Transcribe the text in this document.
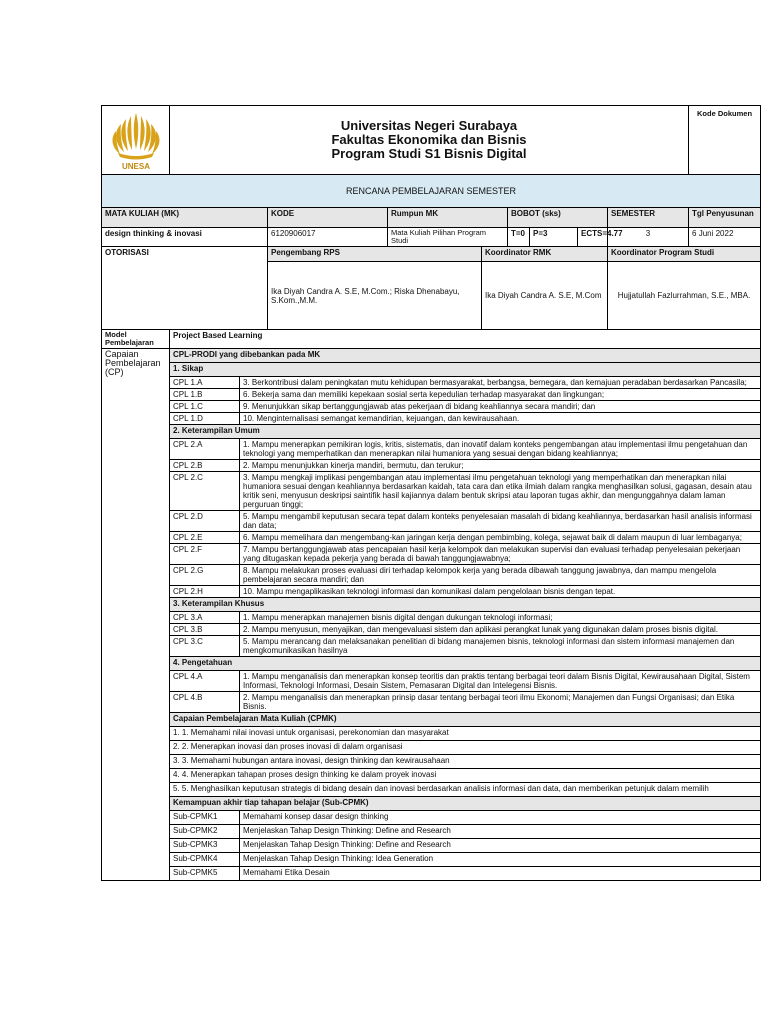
UNESA	Universitas Negeri Surabaya
Fakultas Ekonomika dan Bisnis
Program Studi S1 Bisnis Digital									Kode Dokumen
RENCANA PEMBELAJARAN SEMESTER										
MATA KULIAH (MK)			KODE	Rumpun MK		BOBOT (sks)			SEMESTER	Tgl Penyusunan
design thinking & inovasi			6120906017	Mata Kuliah Pilihan Program Studi		T=0	P=3	ECTS=4.77	3	6 Juni 2022
OTORISASI			Pengembang RPS		Koordinator RMK				Koordinator Program Studi	
			Ika Diyah Candra A. S.E, M.Com.; Riska Dhenabayu, S.Kom.,M.M.		Ika Diyah Candra A. S.E, M.Com				Hujjatullah Fazlurrahman, S.E., MBA.	
Model Pembelajaran	Project Based Learning									
Capaian Pembelajaran (CP)	CPL-PRODI yang dibebankan pada MK									
	1. Sikap									
	CPL 1.A	3. Berkontribusi dalam peningkatan mutu kehidupan bermasyarakat, berbangsa, bernegara, dan kemajuan peradaban berdasarkan Pancasila;								
	CPL 1.B	6. Bekerja sama dan memiliki kepekaan sosial serta kepedulian terhadap masyarakat dan lingkungan;								
	CPL 1.C	9. Menunjukkan sikap bertanggungjawab atas pekerjaan di bidang keahliannya secara mandiri; dan								
	CPL 1.D	10. Menginternalisasi semangat kemandirian, kejuangan, dan kewirausahaan.								
	2. Keterampilan Umum									
	CPL 2.A	1. Mampu menerapkan pemikiran logis, kritis, sistematis, dan inovatif dalam konteks pengembangan atau implementasi ilmu pengetahuan dan teknologi yang memperhatikan dan menerapkan nilai humaniora yang sesuai dengan bidang keahliannya;								
	CPL 2.B	2. Mampu menunjukkan kinerja mandiri, bermutu, dan terukur;								
	CPL 2.C	3. Mampu mengkaji implikasi pengembangan atau implementasi ilmu pengetahuan teknologi yang memperhatikan dan menerapkan nilai humaniora sesuai dengan keahliannya berdasarkan kaidah, tata cara dan etika ilmiah dalam rangka menghasilkan solusi, gagasan, desain atau kritik seni, menyusun deskripsi saintifik hasil kajiannya dalam bentuk skripsi atau laporan tugas akhir, dan mengunggahnya dalam laman perguruan tinggi;								
	CPL 2.D	5. Mampu mengambil keputusan secara tepat dalam konteks penyelesaian masalah di bidang keahliannya, berdasarkan hasil analisis informasi dan data;								
	CPL 2.E	6. Mampu memelihara dan mengembang-kan jaringan kerja dengan pembimbing, kolega, sejawat baik di dalam maupun di luar lembaganya;								
	CPL 2.F	7. Mampu bertanggungjawab atas pencapaian hasil kerja kelompok dan melakukan supervisi dan evaluasi terhadap penyelesaian pekerjaan yang ditugaskan kepada pekerja yang berada di bawah tanggungjawabnya;								
	CPL 2.G	8. Mampu melakukan proses evaluasi diri terhadap kelompok kerja yang berada dibawah tanggung jawabnya, dan mampu mengelola pembelajaran secara mandiri; dan								
	CPL 2.H	10. Mampu mengaplikasikan teknologi informasi dan komunikasi dalam pengelolaan bisnis dengan tepat.								
	3. Keterampilan Khusus									
	CPL 3.A	1. Mampu menerapkan manajemen bisnis digital dengan dukungan teknologi informasi;								
	CPL 3.B	2. Mampu menyusun, menyajikan, dan mengevaluasi sistem dan aplikasi perangkat lunak yang digunakan dalam proses bisnis digital.								
	CPL 3.C	5. Mampu merancang dan melaksanakan penelitian di bidang manajemen bisnis, teknologi informasi dan sistem informasi manajemen dan mengkomunikasikan hasilnya								
	4. Pengetahuan									
	CPL 4.A	1. Mampu menganalisis dan menerapkan konsep teoritis dan praktis tentang berbagai teori dalam Bisnis Digital, Kewirausahaan Digital, Sistem Informasi, Teknologi Informasi, Desain Sistem, Pemasaran Digital dan Intelegensi Bisnis.								
	CPL 4.B	2. Mampu menganalisis dan menerapkan prinsip dasar tentang berbagai teori ilmu Ekonomi; Manajemen dan Fungsi Organisasi; dan Etika Bisnis.								
	Capaian Pembelajaran Mata Kuliah (CPMK)									
	1. 1. Memahami nilai inovasi untuk organisasi, perekonomian dan masyarakat									
	2. 2. Menerapkan inovasi dan proses inovasi di dalam organisasi									
	3. 3. Memahami hubungan antara inovasi, design thinking dan kewirausahaan									
	4. 4. Menerapkan tahapan proses design thinking ke dalam proyek inovasi									
	5. 5. Menghasilkan keputusan strategis di bidang desain dan inovasi berdasarkan analisis informasi dan data, dan memberikan petunjuk dalam memilih									
	Kemampuan akhir tiap tahapan belajar (Sub-CPMK)									
	Sub-CPMK1	Memahami konsep dasar design thinking								
	Sub-CPMK2	Menjelaskan Tahap Design Thinking: Define and Research								
	Sub-CPMK3	Menjelaskan Tahap Design Thinking: Define and Research								
	Sub-CPMK4	Menjelaskan Tahap Design Thinking: Idea Generation								
	Sub-CPMK5	Memahami Etika Desain								
